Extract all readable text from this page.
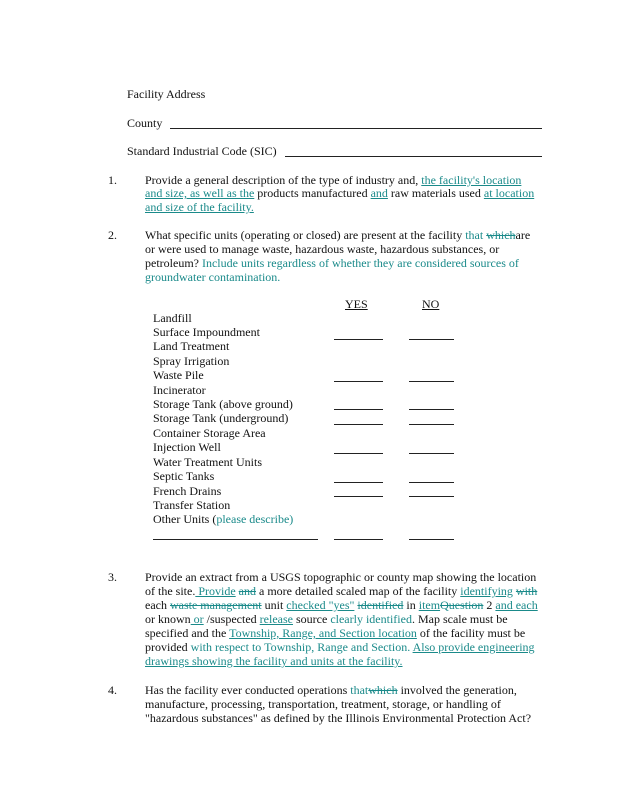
Facility Address
County
Standard Industrial Code (SIC)
1. Provide a general description of the type of industry and, the facility's location
and size, as well as the products manufactured and raw materials used at location
and size of the facility.
2. What specific units (operating or closed) are present at the facility that whichare
or were used to manage waste, hazardous waste, hazardous substances, or
petroleum? Include units regardless of whether they are considered sources of
groundwater contamination.
YES	NO
Landfill
Surface Impoundment
Land Treatment
Spray Irrigation
Waste Pile
Incinerator
Storage Tank (above ground)
Storage Tank (underground)
Container Storage Area
Injection Well
Water Treatment Units
Septic Tanks
French Drains
Transfer Station
Other Units (please describe)
3. Provide an extract from a USGS topographic or county map showing the location
of the site. Provide and a more detailed scaled map of the facility identifying with
each waste management unit checked "yes" identified in itemQuestion 2 and each
or known or /suspected release source clearly identified. Map scale must be
specified and the Township, Range, and Section location of the facility must be
provided with respect to Township, Range and Section. Also provide engineering
drawings showing the facility and units at the facility.
4. Has the facility ever conducted operations thatwhich involved the generation,
manufacture, processing, transportation, treatment, storage, or handling of
"hazardous substances" as defined by the Illinois Environmental Protection Act?
